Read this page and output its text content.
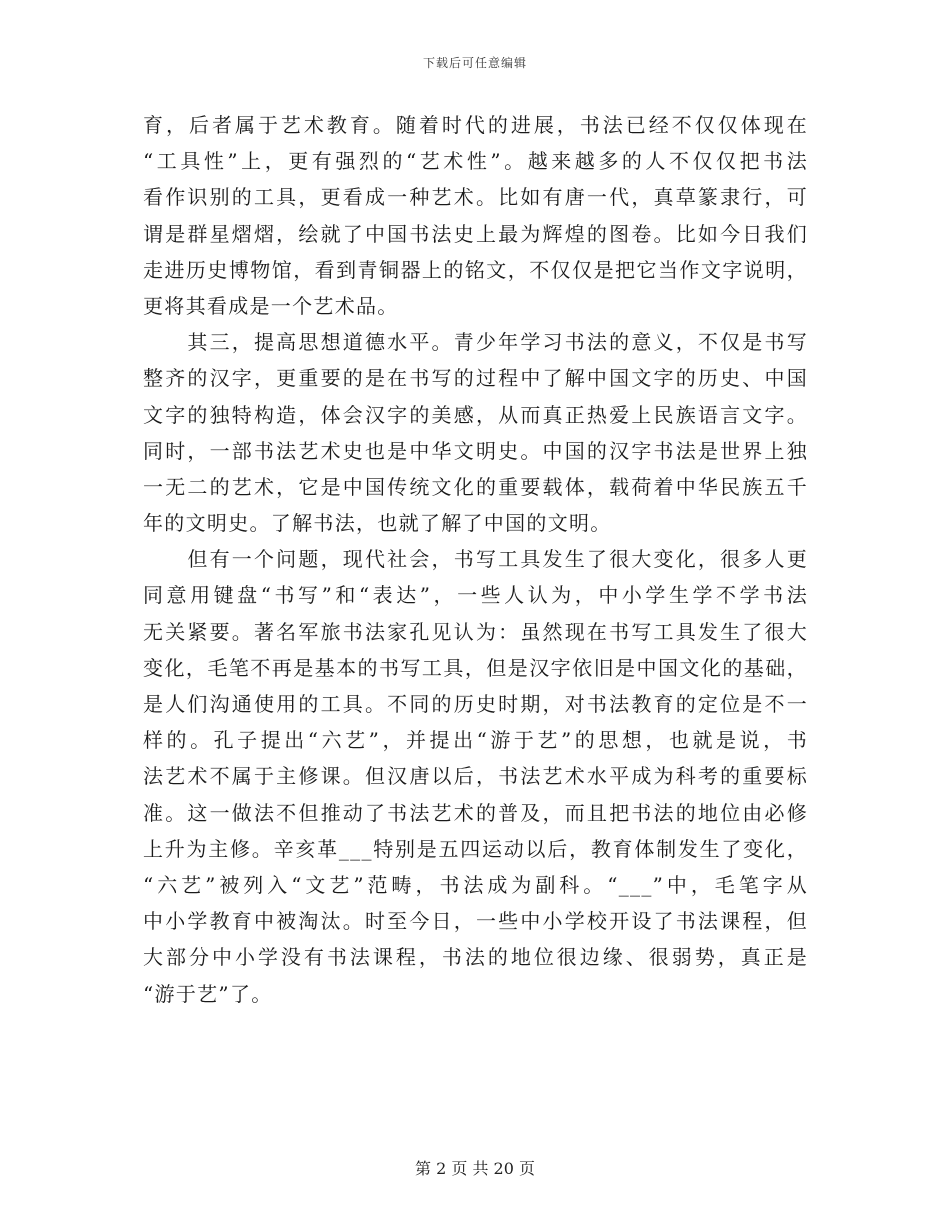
下载后可任意编辑
育，后者属于艺术教育。随着时代的进展，书法已经不仅仅体现在
“工具性”上，更有强烈的“艺术性”。越来越多的人不仅仅把书法
看作识别的工具，更看成一种艺术。比如有唐一代，真草篆隶行，可
谓是群星熠熠，绘就了中国书法史上最为辉煌的图卷。比如今日我们
走进历史博物馆，看到青铜器上的铭文，不仅仅是把它当作文字说明，
更将其看成是一个艺术品。
　　其三，提高思想道德水平。青少年学习书法的意义，不仅是书写
整齐的汉字，更重要的是在书写的过程中了解中国文字的历史、中国
文字的独特构造，体会汉字的美感，从而真正热爱上民族语言文字。
同时，一部书法艺术史也是中华文明史。中国的汉字书法是世界上独
一无二的艺术，它是中国传统文化的重要载体，载荷着中华民族五千
年的文明史。了解书法，也就了解了中国的文明。
　　但有一个问题，现代社会，书写工具发生了很大变化，很多人更
同意用键盘“书写”和“表达”，一些人认为，中小学生学不学书法
无关紧要。著名军旅书法家孔见认为：虽然现在书写工具发生了很大
变化，毛笔不再是基本的书写工具，但是汉字依旧是中国文化的基础，
是人们沟通使用的工具。不同的历史时期，对书法教育的定位是不一
样的。孔子提出“六艺”，并提出“游于艺”的思想，也就是说，书
法艺术不属于主修课。但汉唐以后，书法艺术水平成为科考的重要标
准。这一做法不但推动了书法艺术的普及，而且把书法的地位由必修
上升为主修。辛亥革___特别是五四运动以后，教育体制发生了变化，
“六艺”被列入“文艺”范畴，书法成为副科。“___”中，毛笔字从
中小学教育中被淘汰。时至今日，一些中小学校开设了书法课程，但
大部分中小学没有书法课程，书法的地位很边缘、很弱势，真正是
“游于艺”了。
第 2 页 共 20 页
